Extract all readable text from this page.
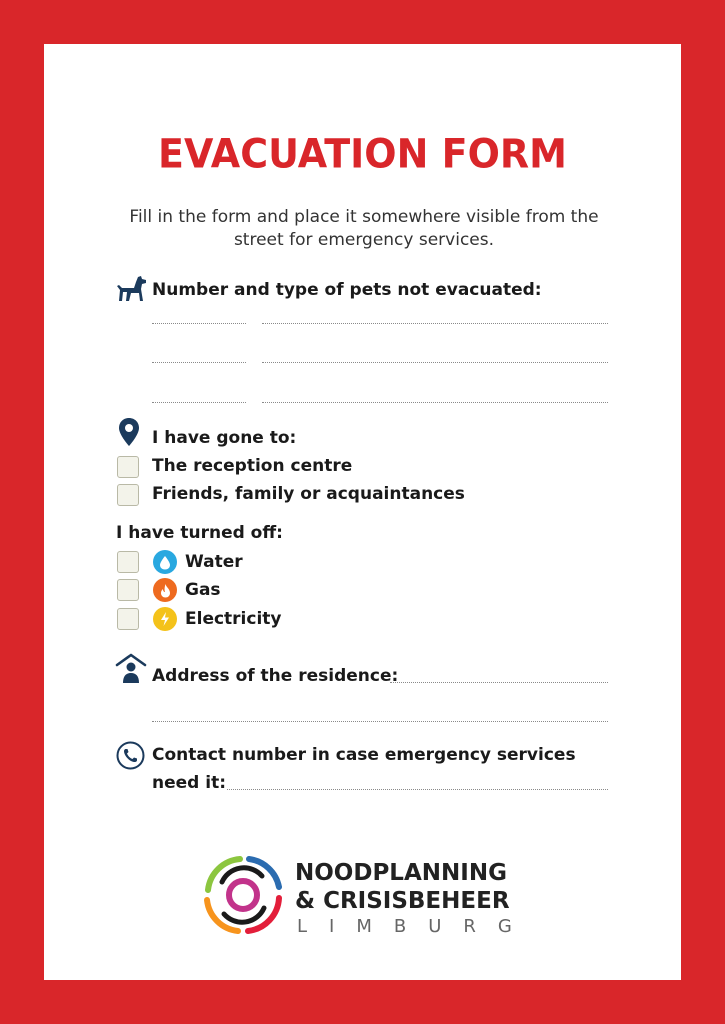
EVACUATION FORM
Fill in the form and place it somewhere visible from the street for emergency services.
Number and type of pets not evacuated:
I have gone to:
The reception centre
Friends, family or acquaintances
I have turned off:
Water
Gas
Electricity
Address of the residence:
Contact number in case emergency services
need it:
NOODPLANNING
& CRISISBEHEER
LIMBURG
